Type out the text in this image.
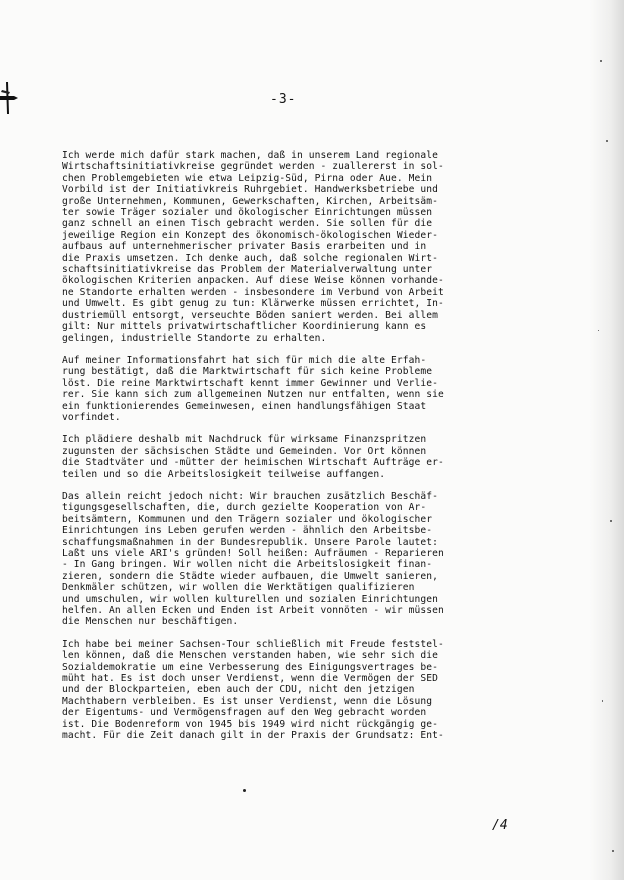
-3-
Ich werde mich dafür stark machen, daß in unserem Land regionale
Wirtschaftsinitiativkreise gegründet werden - zuallererst in sol-
chen Problemgebieten wie etwa Leipzig-Süd, Pirna oder Aue. Mein
Vorbild ist der Initiativkreis Ruhrgebiet. Handwerksbetriebe und
große Unternehmen, Kommunen, Gewerkschaften, Kirchen, Arbeitsäm-
ter sowie Träger sozialer und ökologischer Einrichtungen müssen
ganz schnell an einen Tisch gebracht werden. Sie sollen für die
jeweilige Region ein Konzept des ökonomisch-ökologischen Wieder-
aufbaus auf unternehmerischer privater Basis erarbeiten und in
die Praxis umsetzen. Ich denke auch, daß solche regionalen Wirt-
schaftsinitiativkreise das Problem der Materialverwaltung unter
ökologischen Kriterien anpacken. Auf diese Weise können vorhande-
ne Standorte erhalten werden - insbesondere im Verbund von Arbeit
und Umwelt. Es gibt genug zu tun: Klärwerke müssen errichtet, In-
dustriemüll entsorgt, verseuchte Böden saniert werden. Bei allem
gilt: Nur mittels privatwirtschaftlicher Koordinierung kann es
gelingen, industrielle Standorte zu erhalten.
Auf meiner Informationsfahrt hat sich für mich die alte Erfah-
rung bestätigt, daß die Marktwirtschaft für sich keine Probleme
löst. Die reine Marktwirtschaft kennt immer Gewinner und Verlie-
rer. Sie kann sich zum allgemeinen Nutzen nur entfalten, wenn sie
ein funktionierendes Gemeinwesen, einen handlungsfähigen Staat
vorfindet.
Ich plädiere deshalb mit Nachdruck für wirksame Finanzspritzen
zugunsten der sächsischen Städte und Gemeinden. Vor Ort können
die Stadtväter und -mütter der heimischen Wirtschaft Aufträge er-
teilen und so die Arbeitslosigkeit teilweise auffangen.
Das allein reicht jedoch nicht: Wir brauchen zusätzlich Beschäf-
tigungsgesellschaften, die, durch gezielte Kooperation von Ar-
beitsämtern, Kommunen und den Trägern sozialer und ökologischer
Einrichtungen ins Leben gerufen werden - ähnlich den Arbeitsbe-
schaffungsmaßnahmen in der Bundesrepublik. Unsere Parole lautet:
Laßt uns viele ARI's gründen! Soll heißen: Aufräumen - Reparieren
- In Gang bringen. Wir wollen nicht die Arbeitslosigkeit finan-
zieren, sondern die Städte wieder aufbauen, die Umwelt sanieren,
Denkmäler schützen, wir wollen die Werktätigen qualifizieren
und umschulen, wir wollen kulturellen und sozialen Einrichtungen
helfen. An allen Ecken und Enden ist Arbeit vonnöten - wir müssen
die Menschen nur beschäftigen.
Ich habe bei meiner Sachsen-Tour schließlich mit Freude feststel-
len können, daß die Menschen verstanden haben, wie sehr sich die
Sozialdemokratie um eine Verbesserung des Einigungsvertrages be-
müht hat. Es ist doch unser Verdienst, wenn die Vermögen der SED
und der Blockparteien, eben auch der CDU, nicht den jetzigen
Machthabern verbleiben. Es ist unser Verdienst, wenn die Lösung
der Eigentums- und Vermögensfragen auf den Weg gebracht worden
ist. Die Bodenreform von 1945 bis 1949 wird nicht rückgängig ge-
macht. Für die Zeit danach gilt in der Praxis der Grundsatz: Ent-
/4
